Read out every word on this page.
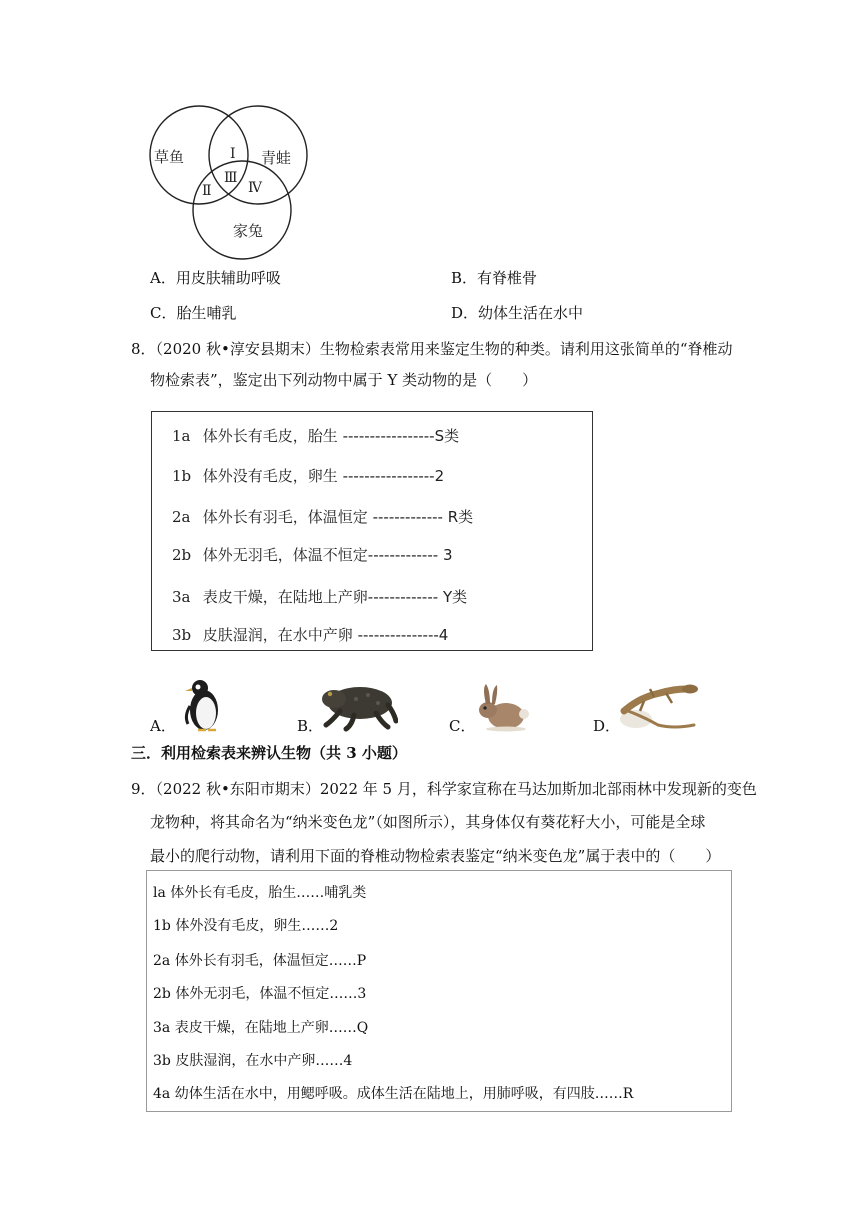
草鱼	青蛙
家兔
Ⅰ
Ⅱ
Ⅲ
Ⅳ
A．用皮肤辅助呼吸	B．有脊椎骨
C．胎生哺乳	D．幼体生活在水中
8．（2020 秋•淳安县期末）生物检索表常用来鉴定生物的种类。请利用这张简单的“脊椎动
物检索表”，鉴定出下列动物中属于 Y 类动物的是（　　）
1a 体外长有毛皮，胎生 -----------------S类
1b 体外没有毛皮，卵生 -----------------2
2a 体外长有羽毛，体温恒定 ------------- R类
2b 体外无羽毛，体温不恒定------------- 3
3a 表皮干燥，在陆地上产卵------------- Y类
3b 皮肤湿润，在水中产卵 ---------------4
A．	B．	C．	D．
三．利用检索表来辨认生物（共 3 小题）
9．（2022 秋•东阳市期末）2022 年 5 月，科学家宣称在马达加斯加北部雨林中发现新的变色
龙物种，将其命名为“纳米变色龙”（如图所示），其身体仅有葵花籽大小，可能是全球
最小的爬行动物，请利用下面的脊椎动物检索表鉴定“纳米变色龙”属于表中的（　　）
la 体外长有毛皮，胎生……哺乳类
1b 体外没有毛皮，卵生……2
2a 体外长有羽毛，体温恒定……P
2b 体外无羽毛，体温不恒定……3
3a 表皮干燥，在陆地上产卵……Q
3b 皮肤湿润，在水中产卵……4
4a 幼体生活在水中，用鳃呼吸。成体生活在陆地上，用肺呼吸，有四肢……R
